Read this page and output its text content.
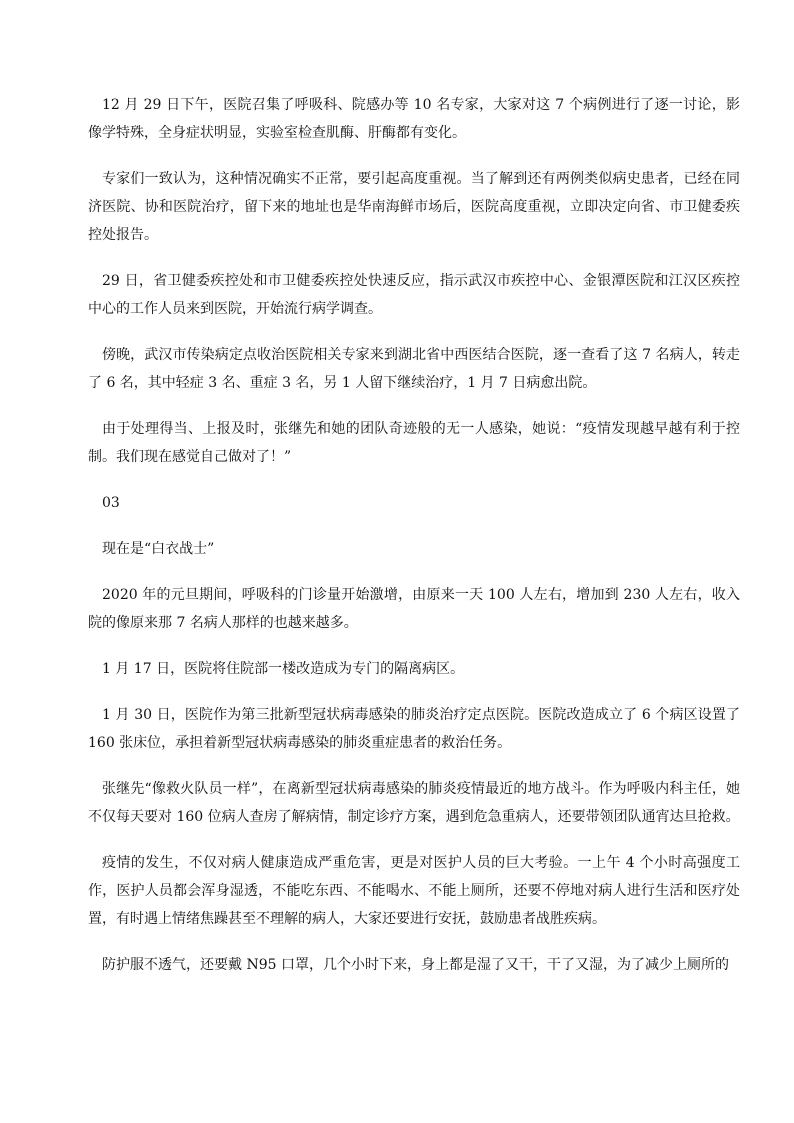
12 月 29 日下午，医院召集了呼吸科、院感办等 10 名专家，大家对这 7 个病例进行了逐一讨论，影像学特殊，全身症状明显，实验室检查肌酶、肝酶都有变化。

专家们一致认为，这种情况确实不正常，要引起高度重视。当了解到还有两例类似病史患者，已经在同济医院、协和医院治疗，留下来的地址也是华南海鲜市场后，医院高度重视，立即决定向省、市卫健委疾控处报告。

29 日，省卫健委疾控处和市卫健委疾控处快速反应，指示武汉市疾控中心、金银潭医院和江汉区疾控中心的工作人员来到医院，开始流行病学调查。

傍晚，武汉市传染病定点收治医院相关专家来到湖北省中西医结合医院，逐一查看了这 7 名病人，转走了 6 名，其中轻症 3 名、重症 3 名，另 1 人留下继续治疗，1 月 7 日病愈出院。

由于处理得当、上报及时，张继先和她的团队奇迹般的无一人感染，她说：“疫情发现越早越有利于控制。我们现在感觉自己做对了！”

03

现在是“白衣战士”

2020 年的元旦期间，呼吸科的门诊量开始激增，由原来一天 100 人左右，增加到 230 人左右，收入院的像原来那 7 名病人那样的也越来越多。

1 月 17 日，医院将住院部一楼改造成为专门的隔离病区。

1 月 30 日，医院作为第三批新型冠状病毒感染的肺炎治疗定点医院。医院改造成立了 6 个病区设置了 160 张床位，承担着新型冠状病毒感染的肺炎重症患者的救治任务。

张继先“像救火队员一样”，在离新型冠状病毒感染的肺炎疫情最近的地方战斗。作为呼吸内科主任，她不仅每天要对 160 位病人查房了解病情，制定诊疗方案，遇到危急重病人，还要带领团队通宵达旦抢救。

疫情的发生，不仅对病人健康造成严重危害，更是对医护人员的巨大考验。一上午 4 个小时高强度工作，医护人员都会浑身湿透，不能吃东西、不能喝水、不能上厕所，还要不停地对病人进行生活和医疗处置，有时遇上情绪焦躁甚至不理解的病人，大家还要进行安抚，鼓励患者战胜疾病。

防护服不透气，还要戴 N95 口罩，几个小时下来，身上都是湿了又干，干了又湿，为了减少上厕所的
